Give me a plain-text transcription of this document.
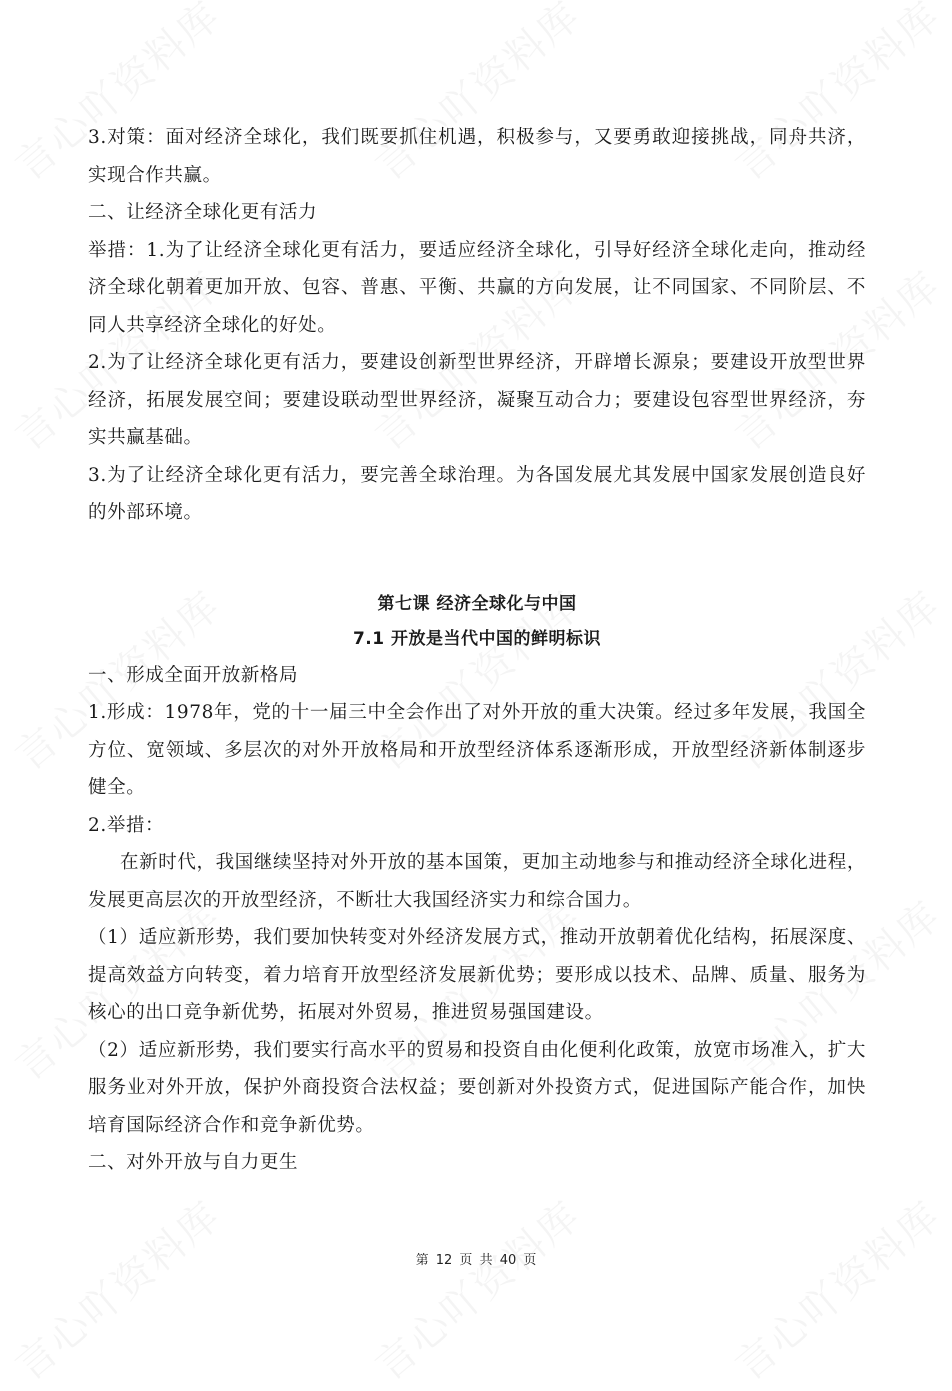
3.对策：面对经济全球化，我们既要抓住机遇，积极参与，又要勇敢迎接挑战，同舟共济，实现合作共赢。

二、让经济全球化更有活力

举措：1.为了让经济全球化更有活力，要适应经济全球化，引导好经济全球化走向，推动经济全球化朝着更加开放、包容、普惠、平衡、共赢的方向发展，让不同国家、不同阶层、不同人共享经济全球化的好处。

2.为了让经济全球化更有活力，要建设创新型世界经济，开辟增长源泉；要建设开放型世界经济，拓展发展空间；要建设联动型世界经济，凝聚互动合力；要建设包容型世界经济，夯实共赢基础。

3.为了让经济全球化更有活力，要完善全球治理。为各国发展尤其发展中国家发展创造良好的外部环境。

第七课 经济全球化与中国
7.1 开放是当代中国的鲜明标识

一、形成全面开放新格局

1.形成：1978年，党的十一届三中全会作出了对外开放的重大决策。经过多年发展，我国全方位、宽领域、多层次的对外开放格局和开放型经济体系逐渐形成，开放型经济新体制逐步健全。

2.举措：

在新时代，我国继续坚持对外开放的基本国策，更加主动地参与和推动经济全球化进程，发展更高层次的开放型经济，不断壮大我国经济实力和综合国力。

（1）适应新形势，我们要加快转变对外经济发展方式，推动开放朝着优化结构，拓展深度、提高效益方向转变，着力培育开放型经济发展新优势；要形成以技术、品牌、质量、服务为核心的出口竞争新优势，拓展对外贸易，推进贸易强国建设。

（2）适应新形势，我们要实行高水平的贸易和投资自由化便利化政策，放宽市场准入，扩大服务业对外开放，保护外商投资合法权益；要创新对外投资方式，促进国际产能合作，加快培育国际经济合作和竞争新优势。

二、对外开放与自力更生

第 12 页 共 40 页
